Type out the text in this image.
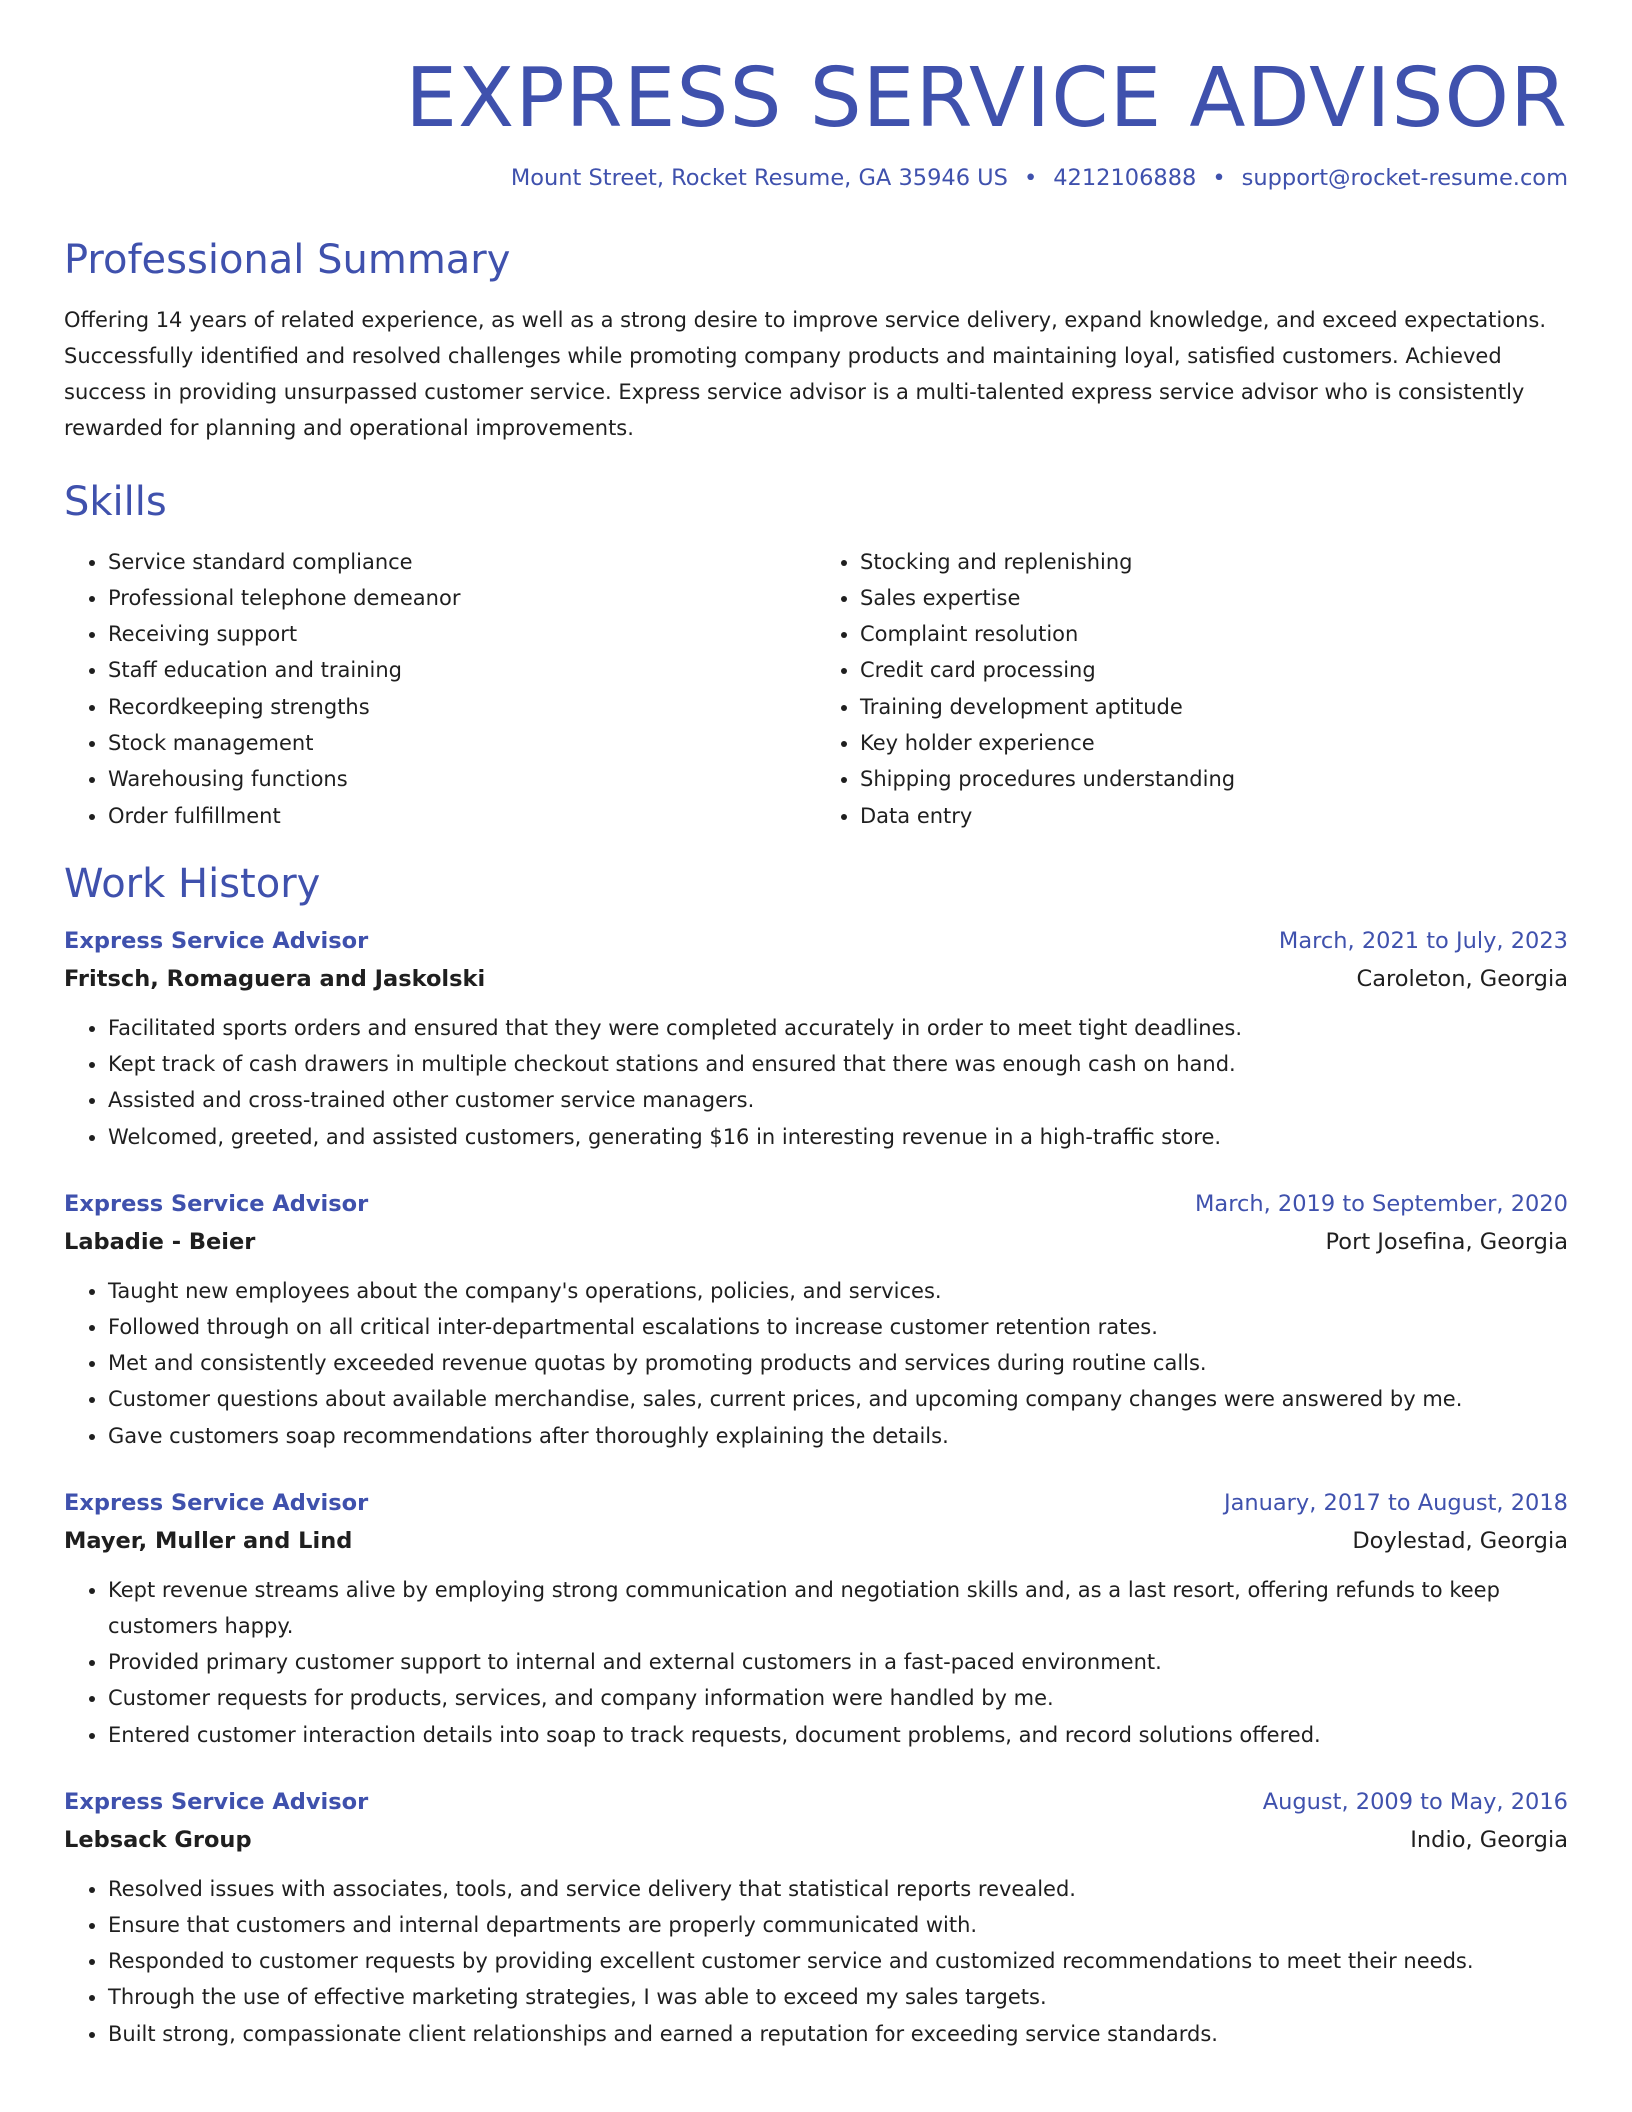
EXPRESS SERVICE ADVISOR
Mount Street, Rocket Resume, GA 35946 US • 4212106888 • support@rocket-resume.com
Professional Summary

Offering 14 years of related experience, as well as a strong desire to improve service delivery, expand knowledge, and exceed expectations. Successfully identified and resolved challenges while promoting company products and maintaining loyal, satisfied customers. Achieved success in providing unsurpassed customer service. Express service advisor is a multi-talented express service advisor who is consistently rewarded for planning and operational improvements.

Skills
• Service standard compliance
• Professional telephone demeanor
• Receiving support
• Staff education and training
• Recordkeeping strengths
• Stock management
• Warehousing functions
• Order fulfillment
• Stocking and replenishing
• Sales expertise
• Complaint resolution
• Credit card processing
• Training development aptitude
• Key holder experience
• Shipping procedures understanding
• Data entry
Work History
Express Service Advisor	March, 2021 to July, 2023
Fritsch, Romaguera and Jaskolski	Caroleton, Georgia
• Facilitated sports orders and ensured that they were completed accurately in order to meet tight deadlines.
• Kept track of cash drawers in multiple checkout stations and ensured that there was enough cash on hand.
• Assisted and cross-trained other customer service managers.
• Welcomed, greeted, and assisted customers, generating $16 in interesting revenue in a high-traffic store.
Express Service Advisor	March, 2019 to September, 2020
Labadie - Beier	Port Josefina, Georgia
• Taught new employees about the company's operations, policies, and services.
• Followed through on all critical inter-departmental escalations to increase customer retention rates.
• Met and consistently exceeded revenue quotas by promoting products and services during routine calls.
• Customer questions about available merchandise, sales, current prices, and upcoming company changes were answered by me.
• Gave customers soap recommendations after thoroughly explaining the details.
Express Service Advisor	January, 2017 to August, 2018
Mayer, Muller and Lind	Doylestad, Georgia
• Kept revenue streams alive by employing strong communication and negotiation skills and, as a last resort, offering refunds to keep customers happy.
• Provided primary customer support to internal and external customers in a fast-paced environment.
• Customer requests for products, services, and company information were handled by me.
• Entered customer interaction details into soap to track requests, document problems, and record solutions offered.
Express Service Advisor	August, 2009 to May, 2016
Lebsack Group	Indio, Georgia
• Resolved issues with associates, tools, and service delivery that statistical reports revealed.
• Ensure that customers and internal departments are properly communicated with.
• Responded to customer requests by providing excellent customer service and customized recommendations to meet their needs.
• Through the use of effective marketing strategies, I was able to exceed my sales targets.
• Built strong, compassionate client relationships and earned a reputation for exceeding service standards.
